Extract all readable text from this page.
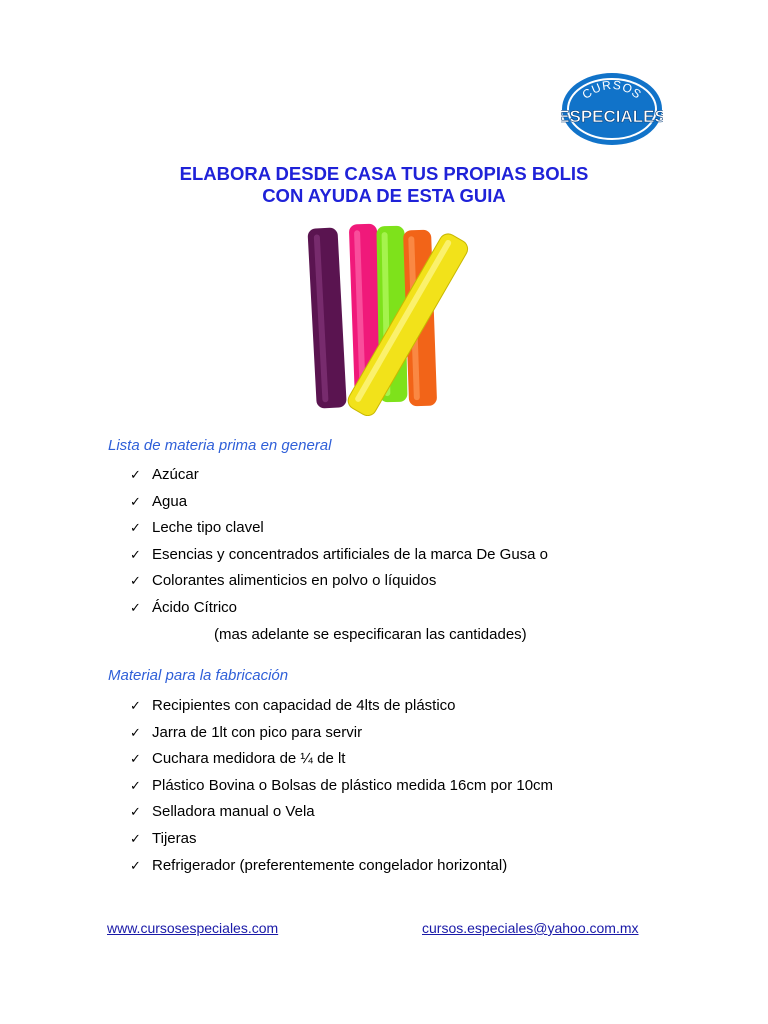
CURSOS
ESPECIALES
ELABORA DESDE CASA TUS PROPIAS BOLIS
CON AYUDA DE ESTA GUIA
Lista de materia prima en general
✓ Azúcar
✓ Agua
✓ Leche tipo clavel
✓ Esencias y concentrados artificiales de la marca De Gusa o
✓ Colorantes alimenticios en polvo o líquidos
✓ Ácido Cítrico
(mas adelante se especificaran las cantidades)
Material para la fabricación
✓ Recipientes con capacidad de 4lts de plástico
✓ Jarra de 1lt con pico para servir
✓ Cuchara medidora de ¼ de lt
✓ Plástico Bovina o Bolsas de plástico medida 16cm por 10cm
✓ Selladora manual o Vela
✓ Tijeras
✓ Refrigerador (preferentemente congelador horizontal)
www.cursosespeciales.com	cursos.especiales@yahoo.com.mx
